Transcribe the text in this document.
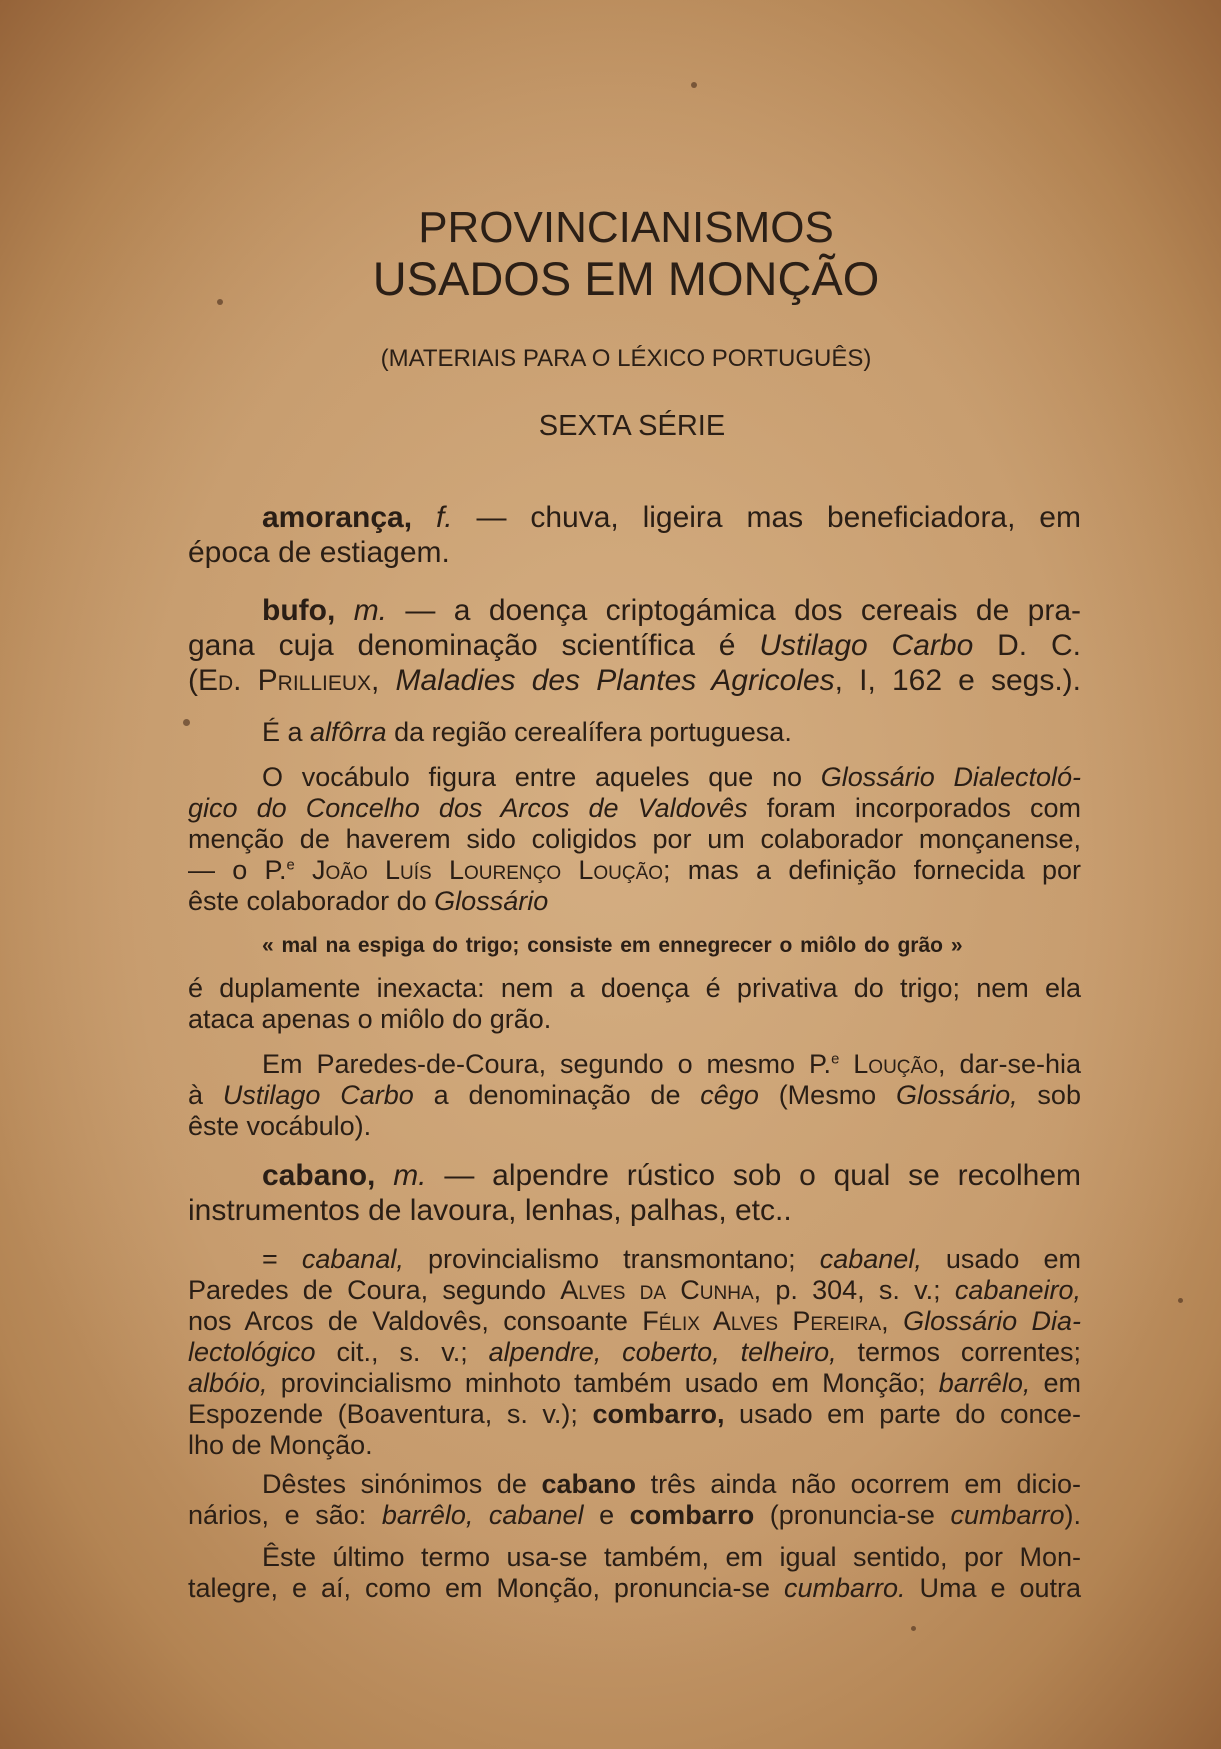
PROVINCIANISMOS
USADOS EM MONÇÃO
(MATERIAIS PARA O LÉXICO PORTUGUÊS)
SEXTA SÉRIE
amorança, f. — chuva, ligeira mas beneficiadora, em
época de estiagem.
bufo, m. — a doença criptogámica dos cereais de pra-
gana cuja denominação scientífica é Ustilago Carbo D. C.
(Ed. Prillieux, Maladies des Plantes Agricoles, I, 162 e segs.).
É a alfôrra da região cerealífera portuguesa.
O vocábulo figura entre aqueles que no Glossário Dialectoló-
gico do Concelho dos Arcos de Valdovês foram incorporados com
menção de haverem sido coligidos por um colaborador monçanense,
— o P.$^e$ João Luís Lourenço Loução; mas a definição fornecida por
êste colaborador do Glossário
« mal na espiga do trigo; consiste em ennegrecer o miôlo do grão »
é duplamente inexacta: nem a doença é privativa do trigo; nem ela
ataca apenas o miôlo do grão.
Em Paredes-de-Coura, segundo o mesmo P.$^e$ Loução, dar-se-hia
à Ustilago Carbo a denominação de cêgo (Mesmo Glossário, sob
êste vocábulo).
cabano, m. — alpendre rústico sob o qual se recolhem
instrumentos de lavoura, lenhas, palhas, etc..
= cabanal, provincialismo transmontano; cabanel, usado em
Paredes de Coura, segundo Alves da Cunha, p. 304, s. v.; cabaneiro,
nos Arcos de Valdovês, consoante Félix Alves Pereira, Glossário Dia-
lectológico cit., s. v.; alpendre, coberto, telheiro, termos correntes;
albóio, provincialismo minhoto também usado em Monção; barrêlo, em
Espozende (Boaventura, s. v.); combarro, usado em parte do conce-
lho de Monção.
Dêstes sinónimos de cabano três ainda não ocorrem em dicio-
nários, e são: barrêlo, cabanel e combarro (pronuncia-se cumbarro).
Êste último termo usa-se também, em igual sentido, por Mon-
talegre, e aí, como em Monção, pronuncia-se cumbarro. Uma e outra
